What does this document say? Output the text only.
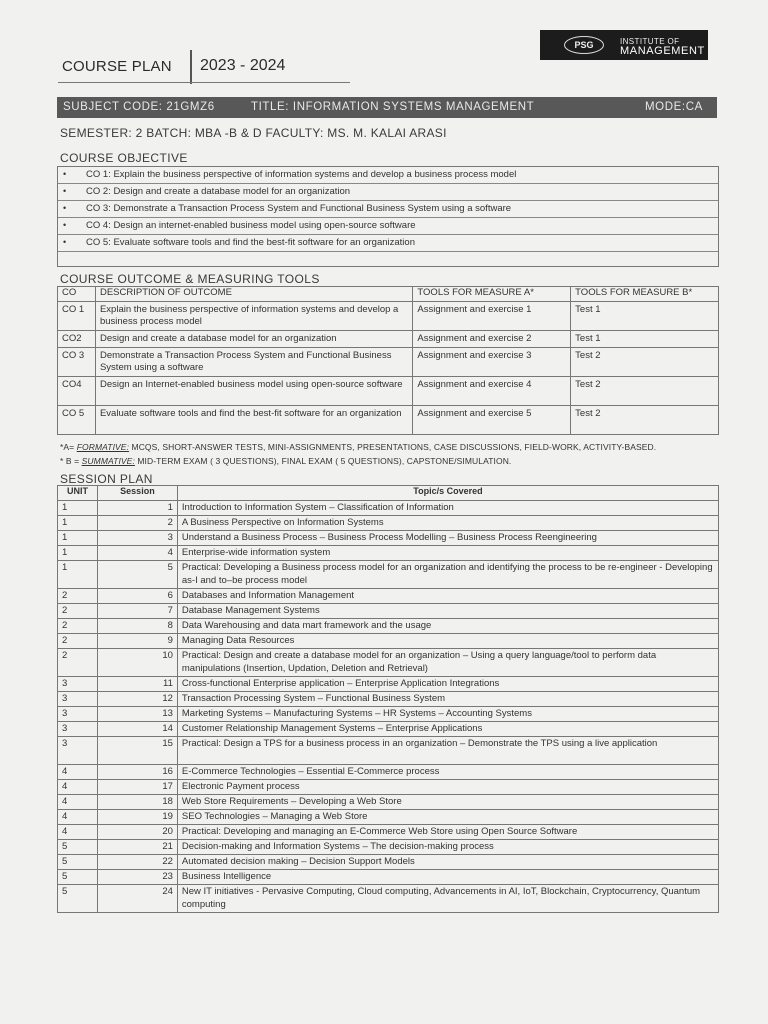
COURSE PLAN 2023 - 2024
PSG	INSTITUTE OF
MANAGEMENT
SUBJECT CODE: 21GMZ6	TITLE: INFORMATION SYSTEMS MANAGEMENT	MODE:CA
SEMESTER: 2 BATCH: MBA -B & D FACULTY: MS. M. KALAI ARASI
COURSE OBJECTIVE
• CO 1: Explain the business perspective of information systems and develop a business process model
• CO 2: Design and create a database model for an organization
• CO 3: Demonstrate a Transaction Process System and Functional Business System using a software
• CO 4: Design an internet-enabled business model using open-source software
• CO 5: Evaluate software tools and find the best-fit software for an organization
COURSE OUTCOME & MEASURING TOOLS
CO	DESCRIPTION OF OUTCOME	TOOLS FOR MEASURE A*	TOOLS FOR MEASURE B*
CO 1	Explain the business perspective of information systems and develop a business process model	Assignment and exercise 1	Test 1
CO2	Design and create a database model for an organization	Assignment and exercise 2	Test 1
CO 3	Demonstrate a Transaction Process System and Functional Business System using a software	Assignment and exercise 3	Test 2
CO4	Design an Internet-enabled business model using open-source software	Assignment and exercise 4	Test 2
CO 5	Evaluate software tools and find the best-fit software for an organization	Assignment and exercise 5	Test 2
*A= FORMATIVE: MCQS, SHORT-ANSWER TESTS, MINI-ASSIGNMENTS, PRESENTATIONS, CASE DISCUSSIONS, FIELD-WORK, ACTIVITY-BASED.
* B = SUMMATIVE: MID-TERM EXAM ( 3 QUESTIONS), FINAL EXAM ( 5 QUESTIONS), CAPSTONE/SIMULATION.
SESSION PLAN
UNIT	Session	Topic/s Covered
1	1	Introduction to Information System – Classification of Information
1	2	A Business Perspective on Information Systems
1	3	Understand a Business Process – Business Process Modelling – Business Process Reengineering
1	4	Enterprise-wide information system
1	5	Practical: Developing a Business process model for an organization and identifying the process to be re-engineer - Developing as-I and to–be process model
2	6	Databases and Information Management
2	7	Database Management Systems
2	8	Data Warehousing and data mart framework and the usage
2	9	Managing Data Resources
2	10	Practical: Design and create a database model for an organization – Using a query language/tool to perform data manipulations (Insertion, Updation, Deletion and Retrieval)
3	11	Cross-functional Enterprise application – Enterprise Application Integrations
3	12	Transaction Processing System – Functional Business System
3	13	Marketing Systems – Manufacturing Systems – HR Systems – Accounting Systems
3	14	Customer Relationship Management Systems – Enterprise Applications
3	15	Practical: Design a TPS for a business process in an organization – Demonstrate the TPS using a live application
4	16	E-Commerce Technologies – Essential E-Commerce process
4	17	Electronic Payment process
4	18	Web Store Requirements – Developing a Web Store
4	19	SEO Technologies – Managing a Web Store
4	20	Practical: Developing and managing an E-Commerce Web Store using Open Source Software
5	21	Decision-making and Information Systems – The decision-making process
5	22	Automated decision making – Decision Support Models
5	23	Business Intelligence
5	24	New IT initiatives - Pervasive Computing, Cloud computing, Advancements in AI, IoT, Blockchain, Cryptocurrency, Quantum computing
